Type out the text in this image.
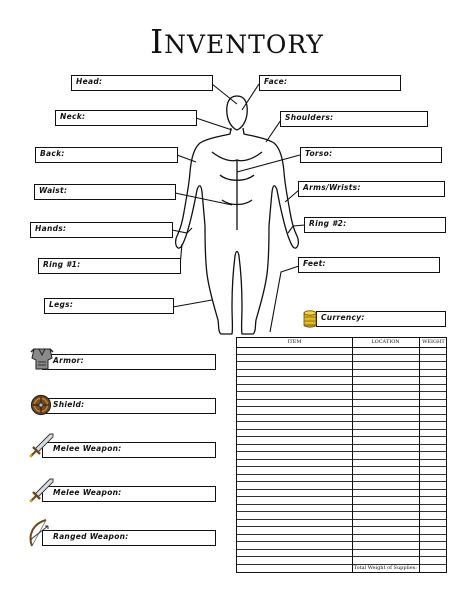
INVENTORY
Head:	Face:
Neck:	Shoulders:
Back:	Torso:
Waist:	Arms/Wrists:
Hands:
Ring #2:
Ring #1:	Feet:
Legs:
Currency:
Armor:
Shield:
Melee Weapon:
Melee Weapon:
Ranged Weapon:
ITEM	LOCATION	WEIGHT
Total Weight of Supplies:
